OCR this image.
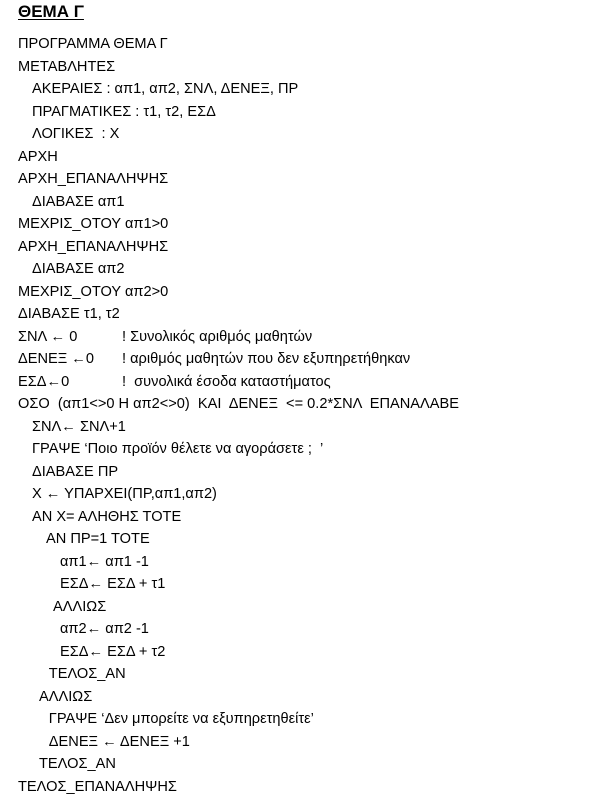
ΘΕΜΑ Γ
ΠΡΟΓΡΑΜΜΑ ΘΕΜΑ Γ
ΜΕΤΑΒΛΗΤΕΣ
ΑΚΕΡΑΙΕΣ : απ1, απ2, ΣΝΛ, ΔΕΝΕΞ, ΠΡ
ΠΡΑΓΜΑΤΙΚΕΣ : τ1, τ2, ΕΣΔ
ΛΟΓΙΚΕΣ  : Χ
ΑΡΧΗ
ΑΡΧΗ_ΕΠΑΝΑΛΗΨΗΣ
ΔΙΑΒΑΣΕ απ1
ΜΕΧΡΙΣ_ΟΤΟΥ απ1>0
ΑΡΧΗ_ΕΠΑΝΑΛΗΨΗΣ
ΔΙΑΒΑΣΕ απ2
ΜΕΧΡΙΣ_ΟΤΟΥ απ2>0
ΔΙΑΒΑΣΕ τ1, τ2
ΣΝΛ ← 0	! Συνολικός αριθμός μαθητών
ΔΕΝΕΞ ←0 ! αριθμός μαθητών που δεν εξυπηρετήθηκαν
ΕΣΔ←0	!  συνολικά έσοδα καταστήματος
ΟΣΟ  (απ1<>0 Η απ2<>0)  ΚΑΙ  ΔΕΝΕΞ  <= 0.2*ΣΝΛ  ΕΠΑΝΑΛΑΒΕ
ΣΝΛ← ΣΝΛ+1
ΓΡΑΨΕ ‘Ποιο προϊόν θέλετε να αγοράσετε ;  ’
ΔΙΑΒΑΣΕ ΠΡ
Χ ← ΥΠΑΡΧΕΙ(ΠΡ,απ1,απ2)
ΑΝ Χ= ΑΛΗΘΗΣ ΤΟΤΕ
ΑΝ ΠΡ=1 ΤΟΤΕ
απ1← απ1 -1
ΕΣΔ← ΕΣΔ + τ1
ΑΛΛΙΩΣ
απ2← απ2 -1
ΕΣΔ← ΕΣΔ + τ2
ΤΕΛΟΣ_ΑΝ
ΑΛΛΙΩΣ
ΓΡΑΨΕ ‘Δεν μπορείτε να εξυπηρετηθείτε’
ΔΕΝΕΞ ← ΔΕΝΕΞ +1
ΤΕΛΟΣ_ΑΝ
ΤΕΛΟΣ_ΕΠΑΝΑΛΗΨΗΣ
